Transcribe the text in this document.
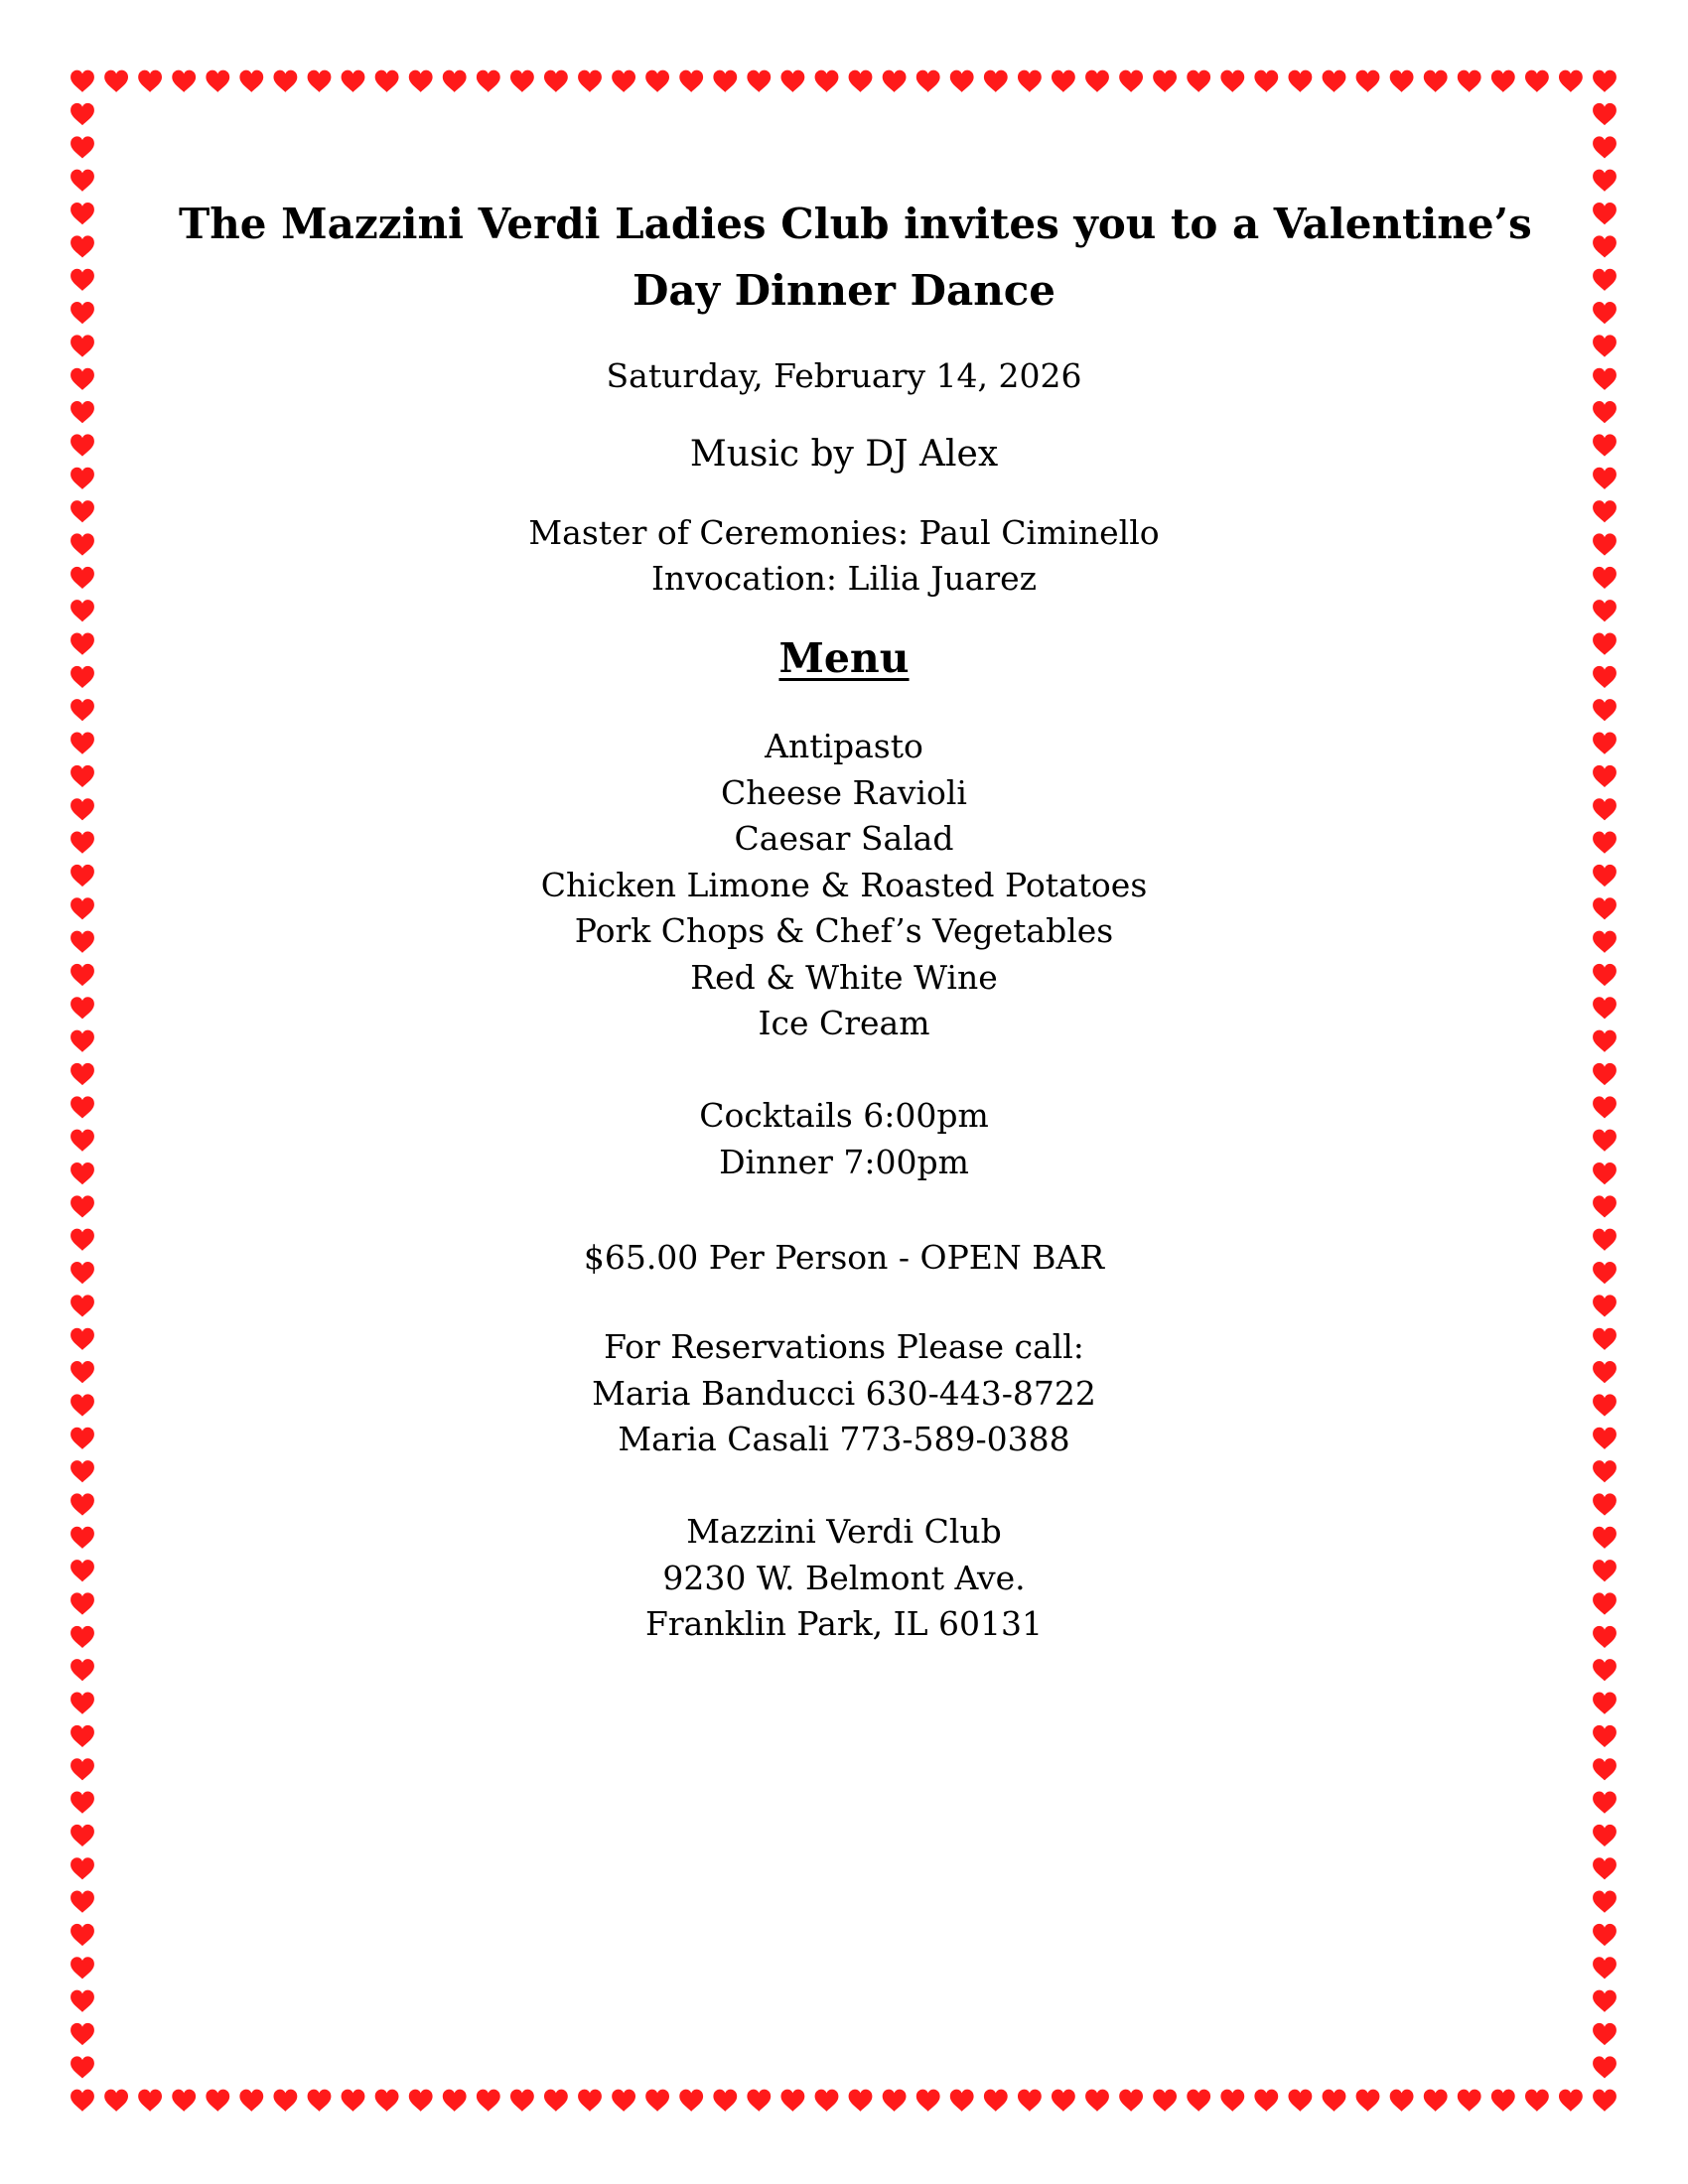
The Mazzini Verdi Ladies Club invites you to a Valentine’s
Day Dinner Dance
Saturday, February 14, 2026
Music by DJ Alex
Master of Ceremonies: Paul Ciminello
Invocation: Lilia Juarez
Menu
Antipasto
Cheese Ravioli
Caesar Salad
Chicken Limone & Roasted Potatoes
Pork Chops & Chef’s Vegetables
Red & White Wine
Ice Cream
Cocktails 6:00pm
Dinner 7:00pm
$65.00 Per Person - OPEN BAR
For Reservations Please call:
Maria Banducci 630-443-8722
Maria Casali 773-589-0388
Mazzini Verdi Club
9230 W. Belmont Ave.
Franklin Park, IL 60131
